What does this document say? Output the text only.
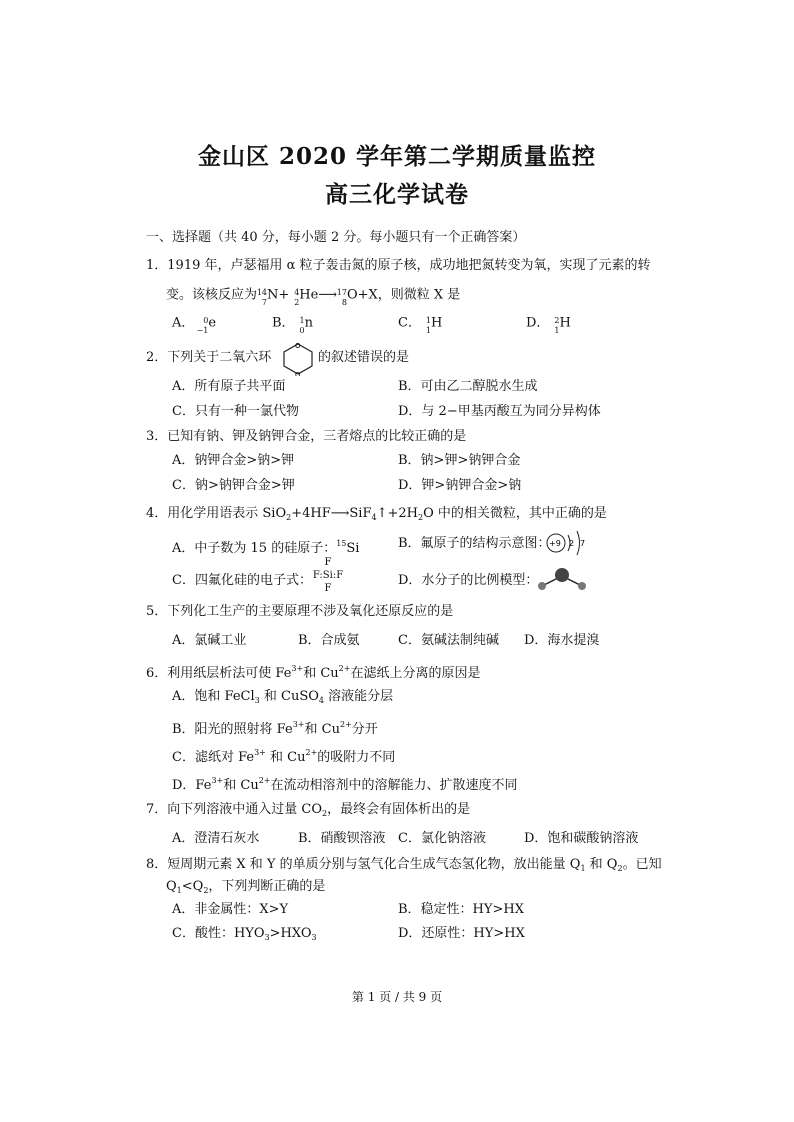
金山区 2020 学年第二学期质量监控
高三化学试卷
一、选择题（共 40 分，每小题 2 分。每小题只有一个正确答案）
1．1919 年，卢瑟福用 α 粒子轰击氮的原子核，成功地把氮转变为氧，实现了元素的转
变。该核反应为 14
7 N+ 4
2 He⟶ 17
8 O+X，则微粒 X 是
A． 0
−1 e	B． 1
0 n	C． 1
1 H	D． 2
1 H
2．下列关于二氧六环
O
O
的叙述错误的是
A．所有原子共平面	B．可由乙二醇脱水生成
C．只有一种一氯代物	D．与 2−甲基丙酸互为同分异构体
3．已知有钠、钾及钠钾合金，三者熔点的比较正确的是
A．钠钾合金>钠>钾	B．钠>钾>钠钾合金
C．钠>钠钾合金>钾	D．钾>钠钾合金>钠
4．用化学用语表示 $SiO_2+4HF⟶SiF_4↑+2H_2O$ 中的相关微粒，其中正确的是
A．中子数为 15 的硅原子：$^{15}$Si	B．氟原子的结构示意图：
+9 2 7
C．四氟化硅的电子式：
F
F:Si:F
F
D．水分子的比例模型：
5．下列化工生产的主要原理不涉及氧化还原反应的是
A．氯碱工业	B．合成氨	C．氨碱法制纯碱 D．海水提溴
6．利用纸层析法可使 $Fe^{3+}$和 $Cu^{2+}$在滤纸上分离的原因是
A．饱和 FeCl$_3$ 和 CuSO$_4$ 溶液能分层
B．阳光的照射将 $Fe^{3+}$和 $Cu^{2+}$分开
C．滤纸对 $Fe^{3+}$ 和 $Cu^{2+}$的吸附力不同
D．$Fe^{3+}$和 $Cu^{2+}$在流动相溶剂中的溶解能力、扩散速度不同
7．向下列溶液中通入过量 $CO_2$，最终会有固体析出的是
A．澄清石灰水	B．硝酸钡溶液 C．氯化钠溶液	D．饱和碳酸钠溶液
8．短周期元素 X 和 Y 的单质分别与氢气化合生成气态氢化物，放出能量 $Q_1$ 和 $Q_2$。已知
$Q_1<Q_2$，下列判断正确的是
A．非金属性：X>Y	B．稳定性：HY>HX
C．酸性：$HYO_3>HXO_3$	D．还原性：HY>HX
第 1 页 / 共 9 页
